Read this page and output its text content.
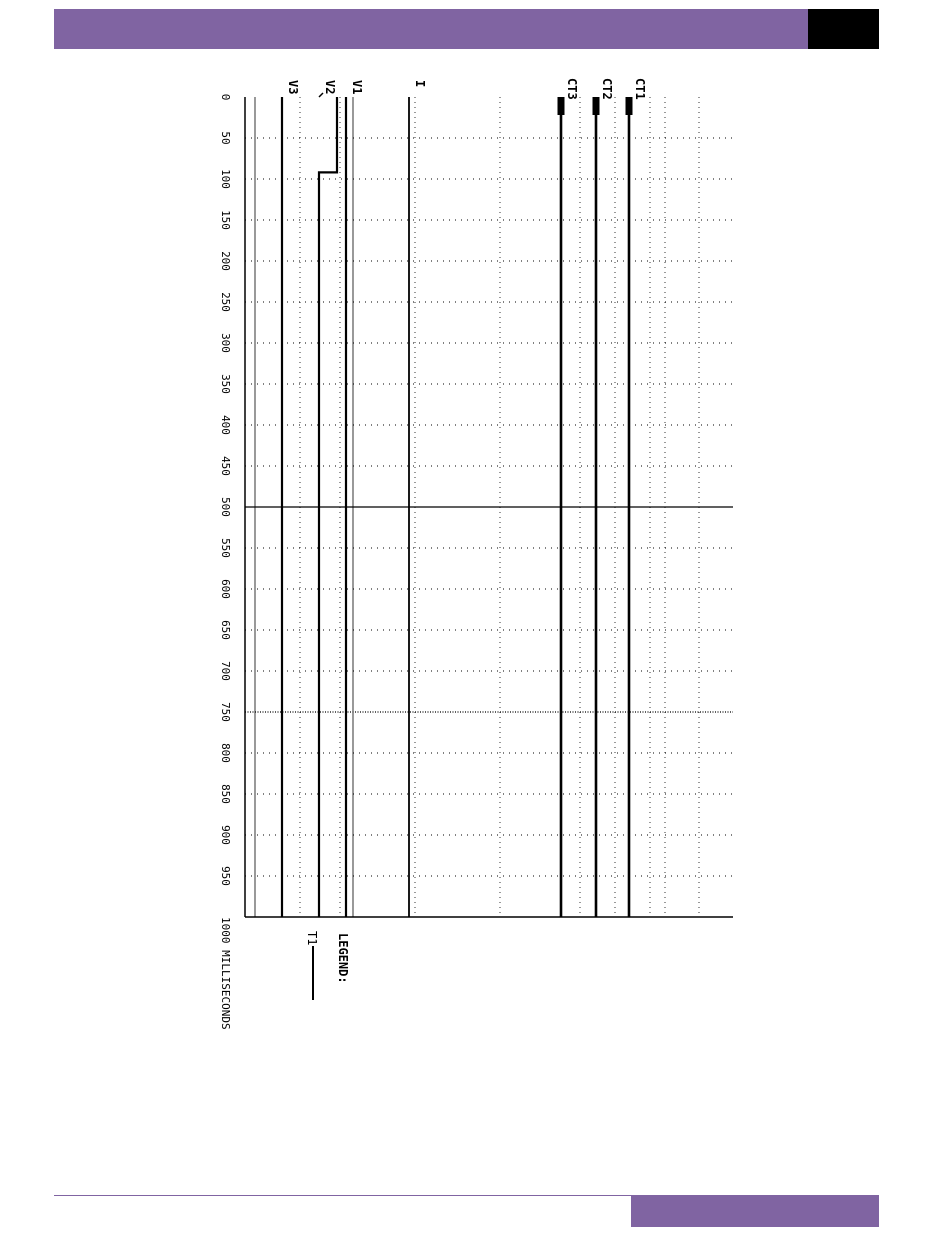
0
50
100
150
200
250
300
350
400
450
500
550
600
650
700
750
800
850
900
950
1000 MILLISECONDS
V3 V2 V1	I	CT3 CT2 CT1
LEGEND:
T1
